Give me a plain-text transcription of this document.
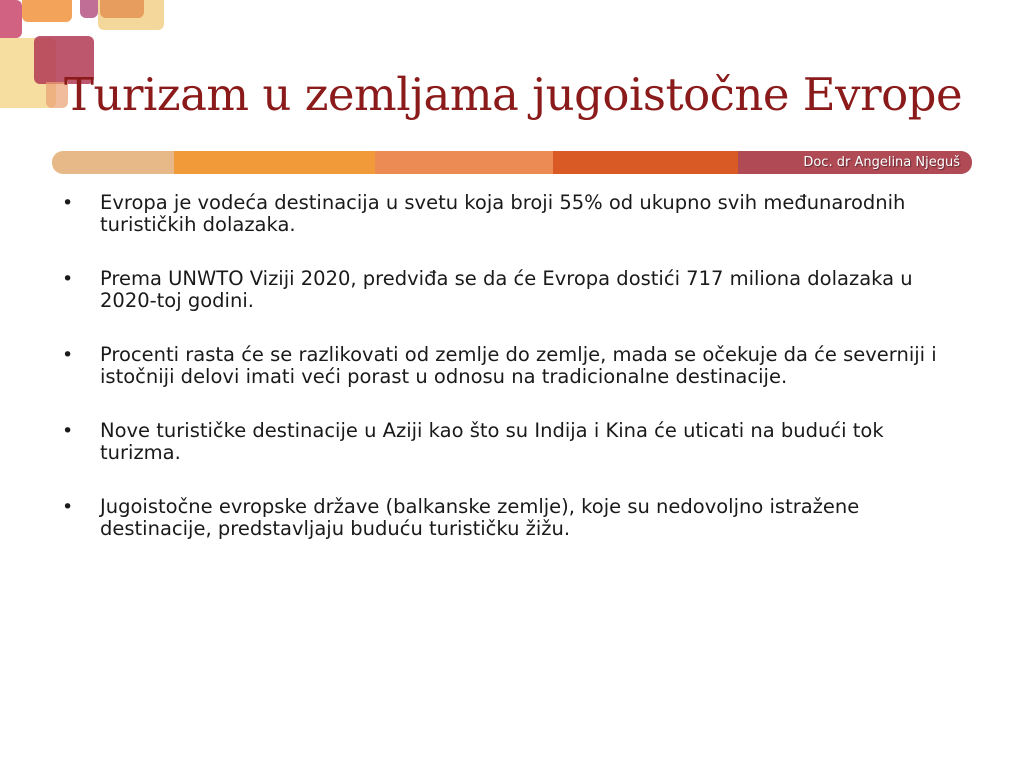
Turizam u zemljama jugoistočne Evrope
Doc. dr Angelina Njeguš
• Evropa je vodeća destinacija u svetu koja broji 55% od ukupno svih međunarodnih turističkih dolazaka.
• Prema UNWTO Viziji 2020, predviđa se da će Evropa dostići 717 miliona dolazaka u 2020-toj godini.
• Procenti rasta će se razlikovati od zemlje do zemlje, mada se očekuje da će severniji i istočniji delovi imati veći porast u odnosu na tradicionalne destinacije.
• Nove turističke destinacije u Aziji kao što su Indija i Kina će uticati na budući tok turizma.
• Jugoistočne evropske države (balkanske zemlje), koje su nedovoljno istražene destinacije, predstavljaju buduću turističku žižu.
